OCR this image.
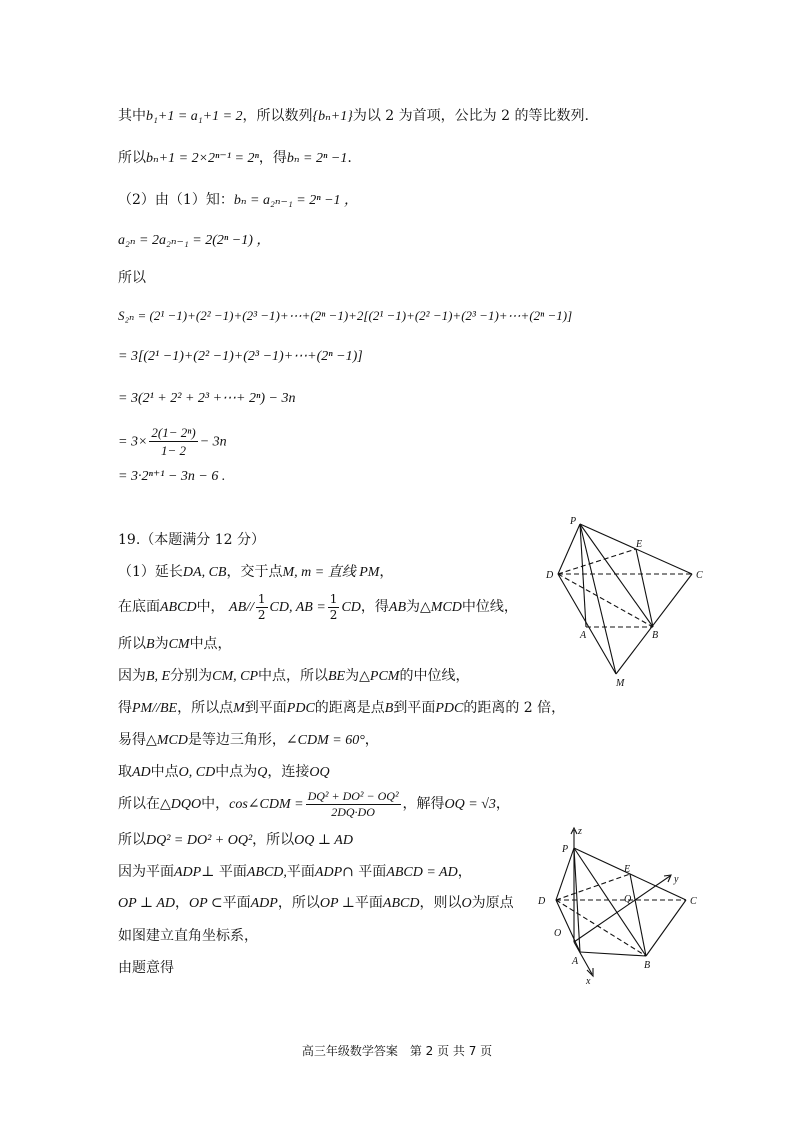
其中b₁+1 = a₁+1 = 2，所以数列{bₙ+1}为以 2 为首项，公比为 2 的等比数列.
所以bₙ+1 = 2×2ⁿ⁻¹ = 2ⁿ，得bₙ = 2ⁿ −1.
（2）由（1）知：bₙ = a₂ₙ₋₁ = 2ⁿ −1 ，
a₂ₙ = 2a₂ₙ₋₁ = 2(2ⁿ −1) ，
所以
S₂ₙ = (2¹ −1)+(2² −1)+(2³ −1)+⋯+(2ⁿ −1)+2[(2¹ −1)+(2² −1)+(2³ −1)+⋯+(2ⁿ −1)]
= 3[(2¹ −1)+(2² −1)+(2³ −1)+⋯+(2ⁿ −1)]
= 3(2¹ + 2² + 2³ +⋯+ 2ⁿ) − 3n
= $3\times \frac{\text{2(1− 2ⁿ)}}{1- 2} - 3n$
= 3·2ⁿ⁺¹ − 3n − 6 .
19.（本题满分 12 分）
（1）延长DA, CB，交于点M, m = 直线 PM，
在底面ABCD中， $AB// \frac{1}{2}$ CD, AB = $\frac{1}{2}$ CD，得AB为△MCD中位线，
所以B为CM中点，
因为B, E分别为CM, CP中点，所以BE为△PCM的中位线，
得PM//BE，所以点M到平面PDC的距离是点B到平面PDC的距离的 2 倍，
易得△MCD是等边三角形，∠CDM = 60°，
取AD中点O, CD中点为Q，连接OQ
所以在△DQO中，cos∠CDM = $\frac{\text{DQ² + DO² − OQ²}}{2DQ\cdot DO}$ ，解得OQ = √3，
所以DQ² = DO² + OQ²，所以OQ ⊥ AD
因为平面ADP⊥ 平面ABCD,平面ADP∩ 平面ABCD = AD，
OP ⊥ AD，OP ⊂平面ADP，所以OP ⊥平面ABCD，则以O为原点
如图建立直角坐标系，
由题意得
P
E
D	C
A	B
M
z
P
E
Q
y
D	C
O
A	B
x
高三年级数学答案　第 2 页 共 7 页
